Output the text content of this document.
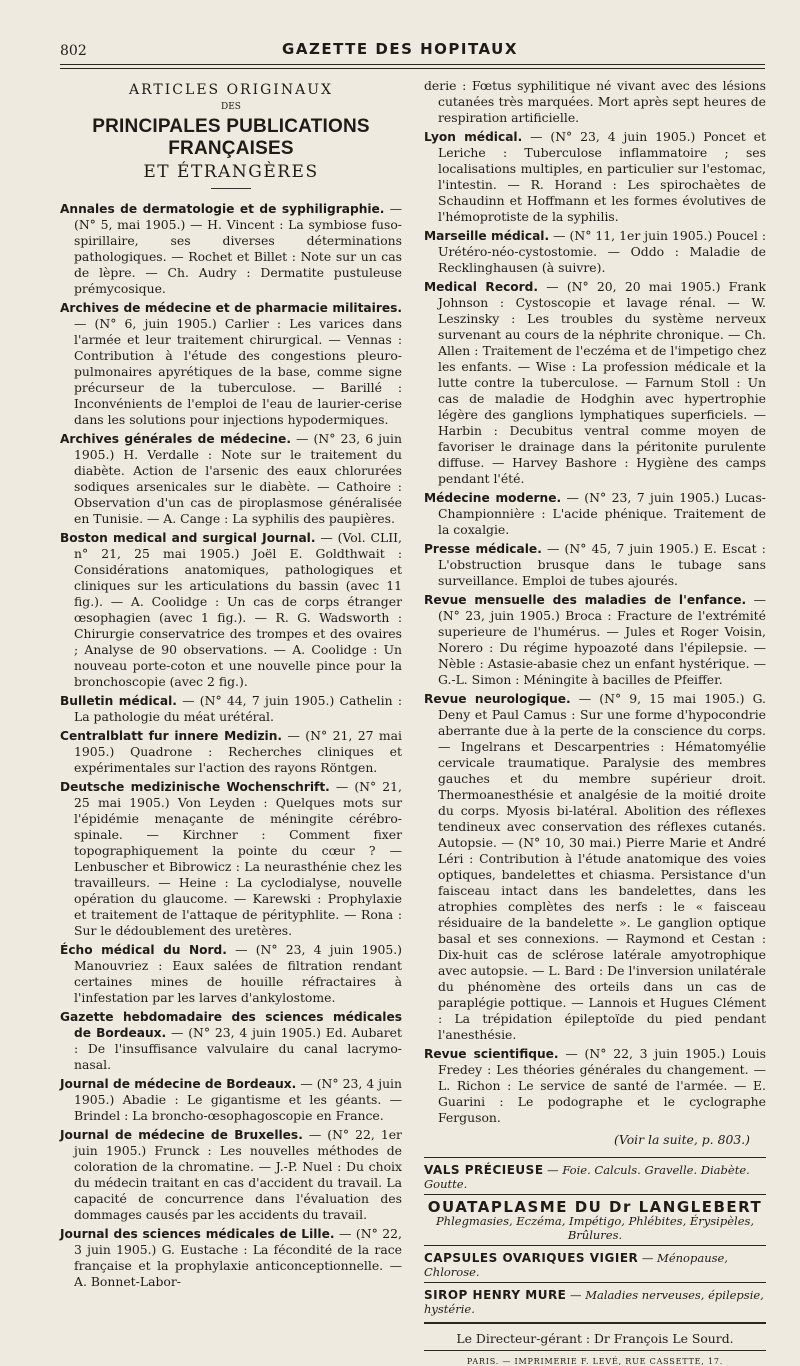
802	GAZETTE DES HOPITAUX
ARTICLES ORIGINAUX
DES
PRINCIPALES PUBLICATIONS FRANÇAISES
ET ÉTRANGÈRES

Annales de dermatologie et de syphiligraphie. — (N° 5, mai 1905.) — H. Vincent : La symbiose fuso-spirillaire, ses diverses déterminations pathologiques. — Rochet et Billet : Note sur un cas de lèpre. — Ch. Audry : Dermatite pustuleuse prémycosique.

Archives de médecine et de pharmacie militaires. — (N° 6, juin 1905.) Carlier : Les varices dans l'armée et leur traitement chirurgical. — Vennas : Contribution à l'étude des congestions pleuro-pulmonaires apyrétiques de la base, comme signe précurseur de la tuberculose. — Barillé : Inconvénients de l'emploi de l'eau de laurier-cerise dans les solutions pour injections hypodermiques.

Archives générales de médecine. — (N° 23, 6 juin 1905.) H. Verdalle : Note sur le traitement du diabète. Action de l'arsenic des eaux chlorurées sodiques arsenicales sur le diabète. — Cathoire : Observation d'un cas de piroplasmose généralisée en Tunisie. — A. Cange : La syphilis des paupières.

Boston medical and surgical Journal. — (Vol. CLII, n° 21, 25 mai 1905.) Joël E. Goldthwait : Considérations anatomiques, pathologiques et cliniques sur les articulations du bassin (avec 11 fig.). — A. Coolidge : Un cas de corps étranger œsophagien (avec 1 fig.). — R. G. Wadsworth : Chirurgie conservatrice des trompes et des ovaires ; Analyse de 90 observations. — A. Coolidge : Un nouveau porte-coton et une nouvelle pince pour la bronchoscopie (avec 2 fig.).

Bulletin médical. — (N° 44, 7 juin 1905.) Cathelin : La pathologie du méat urétéral.

Centralblatt fur innere Medizin. — (N° 21, 27 mai 1905.) Quadrone : Recherches cliniques et expérimentales sur l'action des rayons Röntgen.

Deutsche medizinische Wochenschrift. — (N° 21, 25 mai 1905.) Von Leyden : Quelques mots sur l'épidémie menaçante de méningite cérébro-spinale. — Kirchner : Comment fixer topographiquement la pointe du cœur ? — Lenbuscher et Bibrowicz : La neurasthénie chez les travailleurs. — Heine : La cyclodialyse, nouvelle opération du glaucome. — Karewski : Prophylaxie et traitement de l'attaque de pérityphlite. — Rona : Sur le dédoublement des uretères.

Écho médical du Nord. — (N° 23, 4 juin 1905.) Manouvriez : Eaux salées de filtration rendant certaines mines de houille réfractaires à l'infestation par les larves d'ankylostome.

Gazette hebdomadaire des sciences médicales de Bordeaux. — (N° 23, 4 juin 1905.) Ed. Aubaret : De l'insuffisance valvulaire du canal lacrymo-nasal.

Journal de médecine de Bordeaux. — (N° 23, 4 juin 1905.) Abadie : Le gigantisme et les géants. — Brindel : La broncho-œsophagoscopie en France.

Journal de médecine de Bruxelles. — (N° 22, 1er juin 1905.) Frunck : Les nouvelles méthodes de coloration de la chromatine. — J.-P. Nuel : Du choix du médecin traitant en cas d'accident du travail. La capacité de concurrence dans l'évaluation des dommages causés par les accidents du travail.

Journal des sciences médicales de Lille. — (N° 22, 3 juin 1905.) G. Eustache : La fécondité de la race française et la prophylaxie anticonceptionnelle. — A. Bonnet-Labor-

derie : Fœtus syphilitique né vivant avec des lésions cutanées très marquées. Mort après sept heures de respiration artificielle.

Lyon médical. — (N° 23, 4 juin 1905.) Poncet et Leriche : Tuberculose inflammatoire ; ses localisations multiples, en particulier sur l'estomac, l'intestin. — R. Horand : Les spirochaètes de Schaudinn et Hoffmann et les formes évolutives de l'hémoprotiste de la syphilis.

Marseille médical. — (N° 11, 1er juin 1905.) Poucel : Urétéro-néo-cystostomie. — Oddo : Maladie de Recklinghausen (à suivre).

Medical Record. — (N° 20, 20 mai 1905.) Frank Johnson : Cystoscopie et lavage rénal. — W. Leszinsky : Les troubles du système nerveux survenant au cours de la néphrite chronique. — Ch. Allen : Traitement de l'eczéma et de l'impetigo chez les enfants. — Wise : La profession médicale et la lutte contre la tuberculose. — Farnum Stoll : Un cas de maladie de Hodghin avec hypertrophie légère des ganglions lymphatiques superficiels. — Harbin : Decubitus ventral comme moyen de favoriser le drainage dans la péritonite purulente diffuse. — Harvey Bashore : Hygiène des camps pendant l'été.

Médecine moderne. — (N° 23, 7 juin 1905.) Lucas-Championnière : L'acide phénique. Traitement de la coxalgie.

Presse médicale. — (N° 45, 7 juin 1905.) E. Escat : L'obstruction brusque dans le tubage sans surveillance. Emploi de tubes ajourés.

Revue mensuelle des maladies de l'enfance. — (N° 23, juin 1905.) Broca : Fracture de l'extrémité superieure de l'humérus. — Jules et Roger Voisin, Norero : Du régime hypoazoté dans l'épilepsie. — Nèble : Astasie-abasie chez un enfant hystérique. — G.-L. Simon : Méningite à bacilles de Pfeiffer.

Revue neurologique. — (N° 9, 15 mai 1905.) G. Deny et Paul Camus : Sur une forme d'hypocondrie aberrante due à la perte de la conscience du corps. — Ingelrans et Descarpentries : Hématomyélie cervicale traumatique. Paralysie des membres gauches et du membre supérieur droit. Thermoanesthésie et analgésie de la moitié droite du corps. Myosis bi-latéral. Abolition des réflexes tendineux avec conservation des réflexes cutanés. Autopsie. — (N° 10, 30 mai.) Pierre Marie et André Léri : Contribution à l'étude anatomique des voies optiques, bandelettes et chiasma. Persistance d'un faisceau intact dans les bandelettes, dans les atrophies complètes des nerfs : le « faisceau résiduaire de la bandelette ». Le ganglion optique basal et ses connexions. — Raymond et Cestan : Dix-huit cas de sclérose latérale amyotrophique avec autopsie. — L. Bard : De l'inversion unilatérale du phénomène des orteils dans un cas de paraplégie pottique. — Lannois et Hugues Clément : La trépidation épileptoïde du pied pendant l'anesthésie.

Revue scientifique. — (N° 22, 3 juin 1905.) Louis Fredey : Les théories générales du changement. — L. Richon : Le service de santé de l'armée. — E. Guarini : Le podographe et le cyclographe Ferguson.

(Voir la suite, p. 803.)
VALS PRÉCIEUSE — Foie. Calculs. Gravelle. Diabète. Goutte.
OUATAPLASME DU Dr LANGLEBERT
Phlegmasies, Eczéma, Impétigo, Phlébites, Érysipèles, Brûlures.
CAPSULES OVARIQUES VIGIER — Ménopause, Chlorose.
SIROP HENRY MURE — Maladies nerveuses, épilepsie, hystérie.
Le Directeur-gérant : Dr François Le Sourd.
PARIS. — IMPRIMERIE F. LEVÉ, RUE CASSETTE, 17.
